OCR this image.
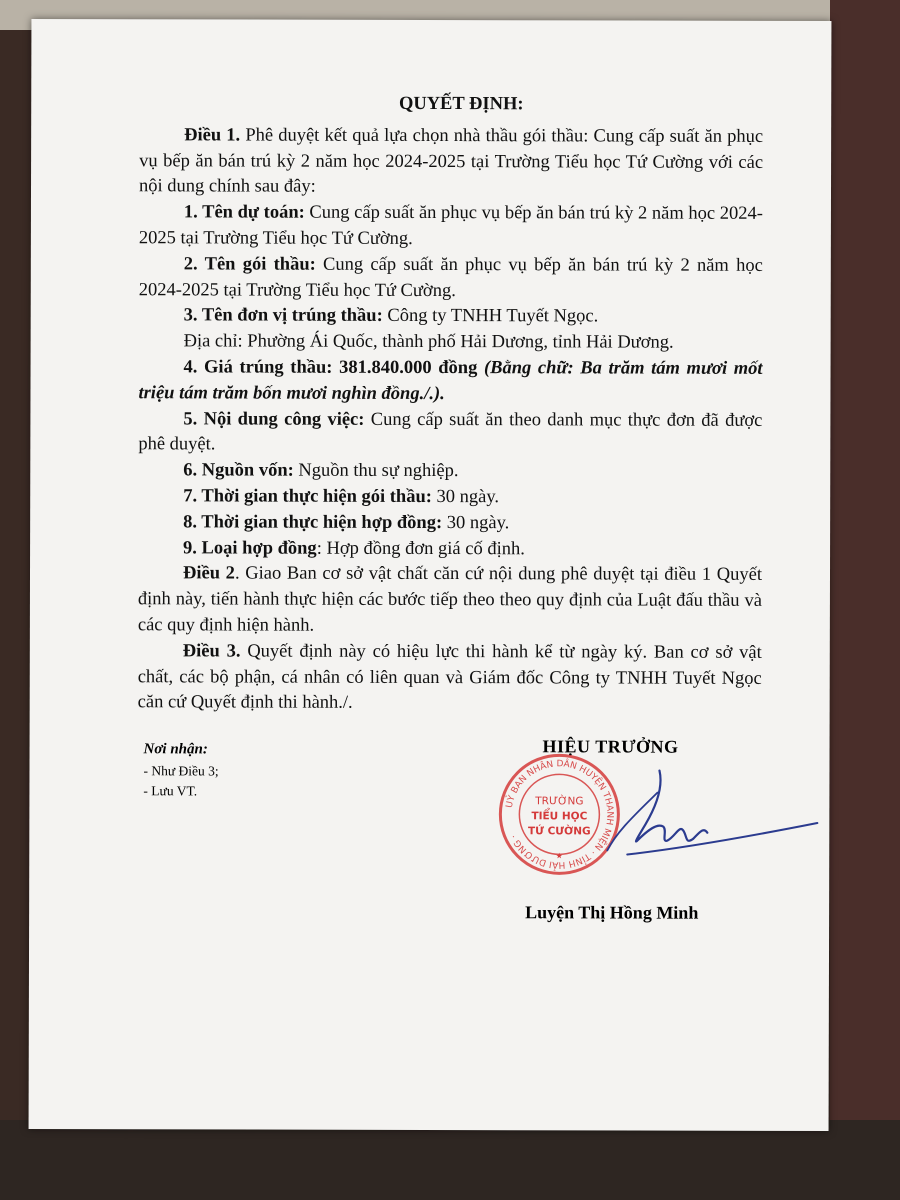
QUYẾT ĐỊNH:
Điều 1. Phê duyệt kết quả lựa chọn nhà thầu gói thầu: Cung cấp suất ăn phục vụ bếp ăn bán trú kỳ 2 năm học 2024-2025 tại Trường Tiểu học Tứ Cường với các nội dung chính sau đây:
1. Tên dự toán: Cung cấp suất ăn phục vụ bếp ăn bán trú kỳ 2 năm học 2024-2025 tại Trường Tiểu học Tứ Cường.
2. Tên gói thầu: Cung cấp suất ăn phục vụ bếp ăn bán trú kỳ 2 năm học 2024-2025 tại Trường Tiểu học Tứ Cường.
3. Tên đơn vị trúng thầu: Công ty TNHH Tuyết Ngọc.
Địa chỉ: Phường Ái Quốc, thành phố Hải Dương, tỉnh Hải Dương.
4. Giá trúng thầu: 381.840.000 đồng (Bằng chữ: Ba trăm tám mươi mốt triệu tám trăm bốn mươi nghìn đồng./.).
5. Nội dung công việc: Cung cấp suất ăn theo danh mục thực đơn đã được phê duyệt.
6. Nguồn vốn: Nguồn thu sự nghiệp.
7. Thời gian thực hiện gói thầu: 30 ngày.
8. Thời gian thực hiện hợp đồng: 30 ngày.
9. Loại hợp đồng: Hợp đồng đơn giá cố định.
Điều 2. Giao Ban cơ sở vật chất căn cứ nội dung phê duyệt tại điều 1 Quyết định này, tiến hành thực hiện các bước tiếp theo theo quy định của Luật đấu thầu và các quy định hiện hành.
Điều 3. Quyết định này có hiệu lực thi hành kể từ ngày ký. Ban cơ sở vật chất, các bộ phận, cá nhân có liên quan và Giám đốc Công ty TNHH Tuyết Ngọc căn cứ Quyết định thi hành./.
Nơi nhận:
- Như Điều 3;
- Lưu VT.
HIỆU TRƯỞNG
UỶ BAN NHÂN DÂN HUYỆN THANH MIỆN · TỈNH HẢI DƯƠNG ·
TRƯỜNG
TIỂU HỌC
TỨ CƯỜNG
★
Luyện Thị Hồng Minh
